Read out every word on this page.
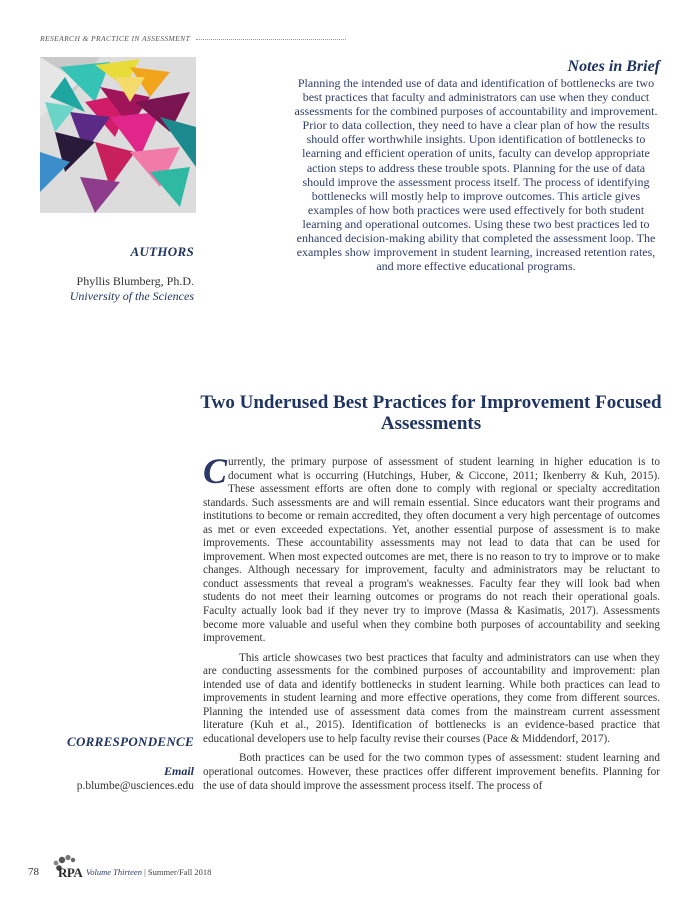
RESEARCH & PRACTICE IN ASSESSMENT
Notes in Brief
Planning the intended use of data and identification of bottlenecks are two best practices that faculty and administrators can use when they conduct assessments for the combined purposes of accountability and improvement. Prior to data collection, they need to have a clear plan of how the results should offer worthwhile insights. Upon identification of bottlenecks to learning and efficient operation of units, faculty can develop appropriate action steps to address these trouble spots. Planning for the use of data should improve the assessment process itself. The process of identifying bottlenecks will mostly help to improve outcomes. This article gives examples of how both practices were used effectively for both student learning and operational outcomes. Using these two best practices led to enhanced decision-making ability that completed the assessment loop. The examples show improvement in student learning, increased retention rates, and more effective educational programs.
AUTHORS
Phyllis Blumberg, Ph.D.
University of the Sciences
Two Underused Best Practices for Improvement Focused Assessments

Currently, the primary purpose of assessment of student learning in higher education is to document what is occurring (Hutchings, Huber, & Ciccone, 2011; Ikenberry & Kuh, 2015). These assessment efforts are often done to comply with regional or specialty accreditation standards. Such assessments are and will remain essential. Since educators want their programs and institutions to become or remain accredited, they often document a very high percentage of outcomes as met or even exceeded expectations. Yet, another essential purpose of assessment is to make improvements. These accountability assessments may not lead to data that can be used for improvement. When most expected outcomes are met, there is no reason to try to improve or to make changes. Although necessary for improvement, faculty and administrators may be reluctant to conduct assessments that reveal a program's weaknesses. Faculty fear they will look bad when students do not meet their learning outcomes or programs do not reach their operational goals. Faculty actually look bad if they never try to improve (Massa & Kasimatis, 2017). Assessments become more valuable and useful when they combine both purposes of accountability and seeking improvement.

This article showcases two best practices that faculty and administrators can use when they are conducting assessments for the combined purposes of accountability and improvement: plan intended use of data and identify bottlenecks in student learning. While both practices can lead to improvements in student learning and more effective operations, they come from different sources. Planning the intended use of assessment data comes from the mainstream current assessment literature (Kuh et al., 2015). Identification of bottlenecks is an evidence-based practice that educational developers use to help faculty revise their courses (Pace & Middendorf, 2017).

Both practices can be used for the two common types of assessment: student learning and operational outcomes. However, these practices offer different improvement benefits. Planning for the use of data should improve the assessment process itself. The process of

CORRESPONDENCE
Email
p.blumbe@usciences.edu
78 RPA Volume Thirteen | Summer/Fall 2018
